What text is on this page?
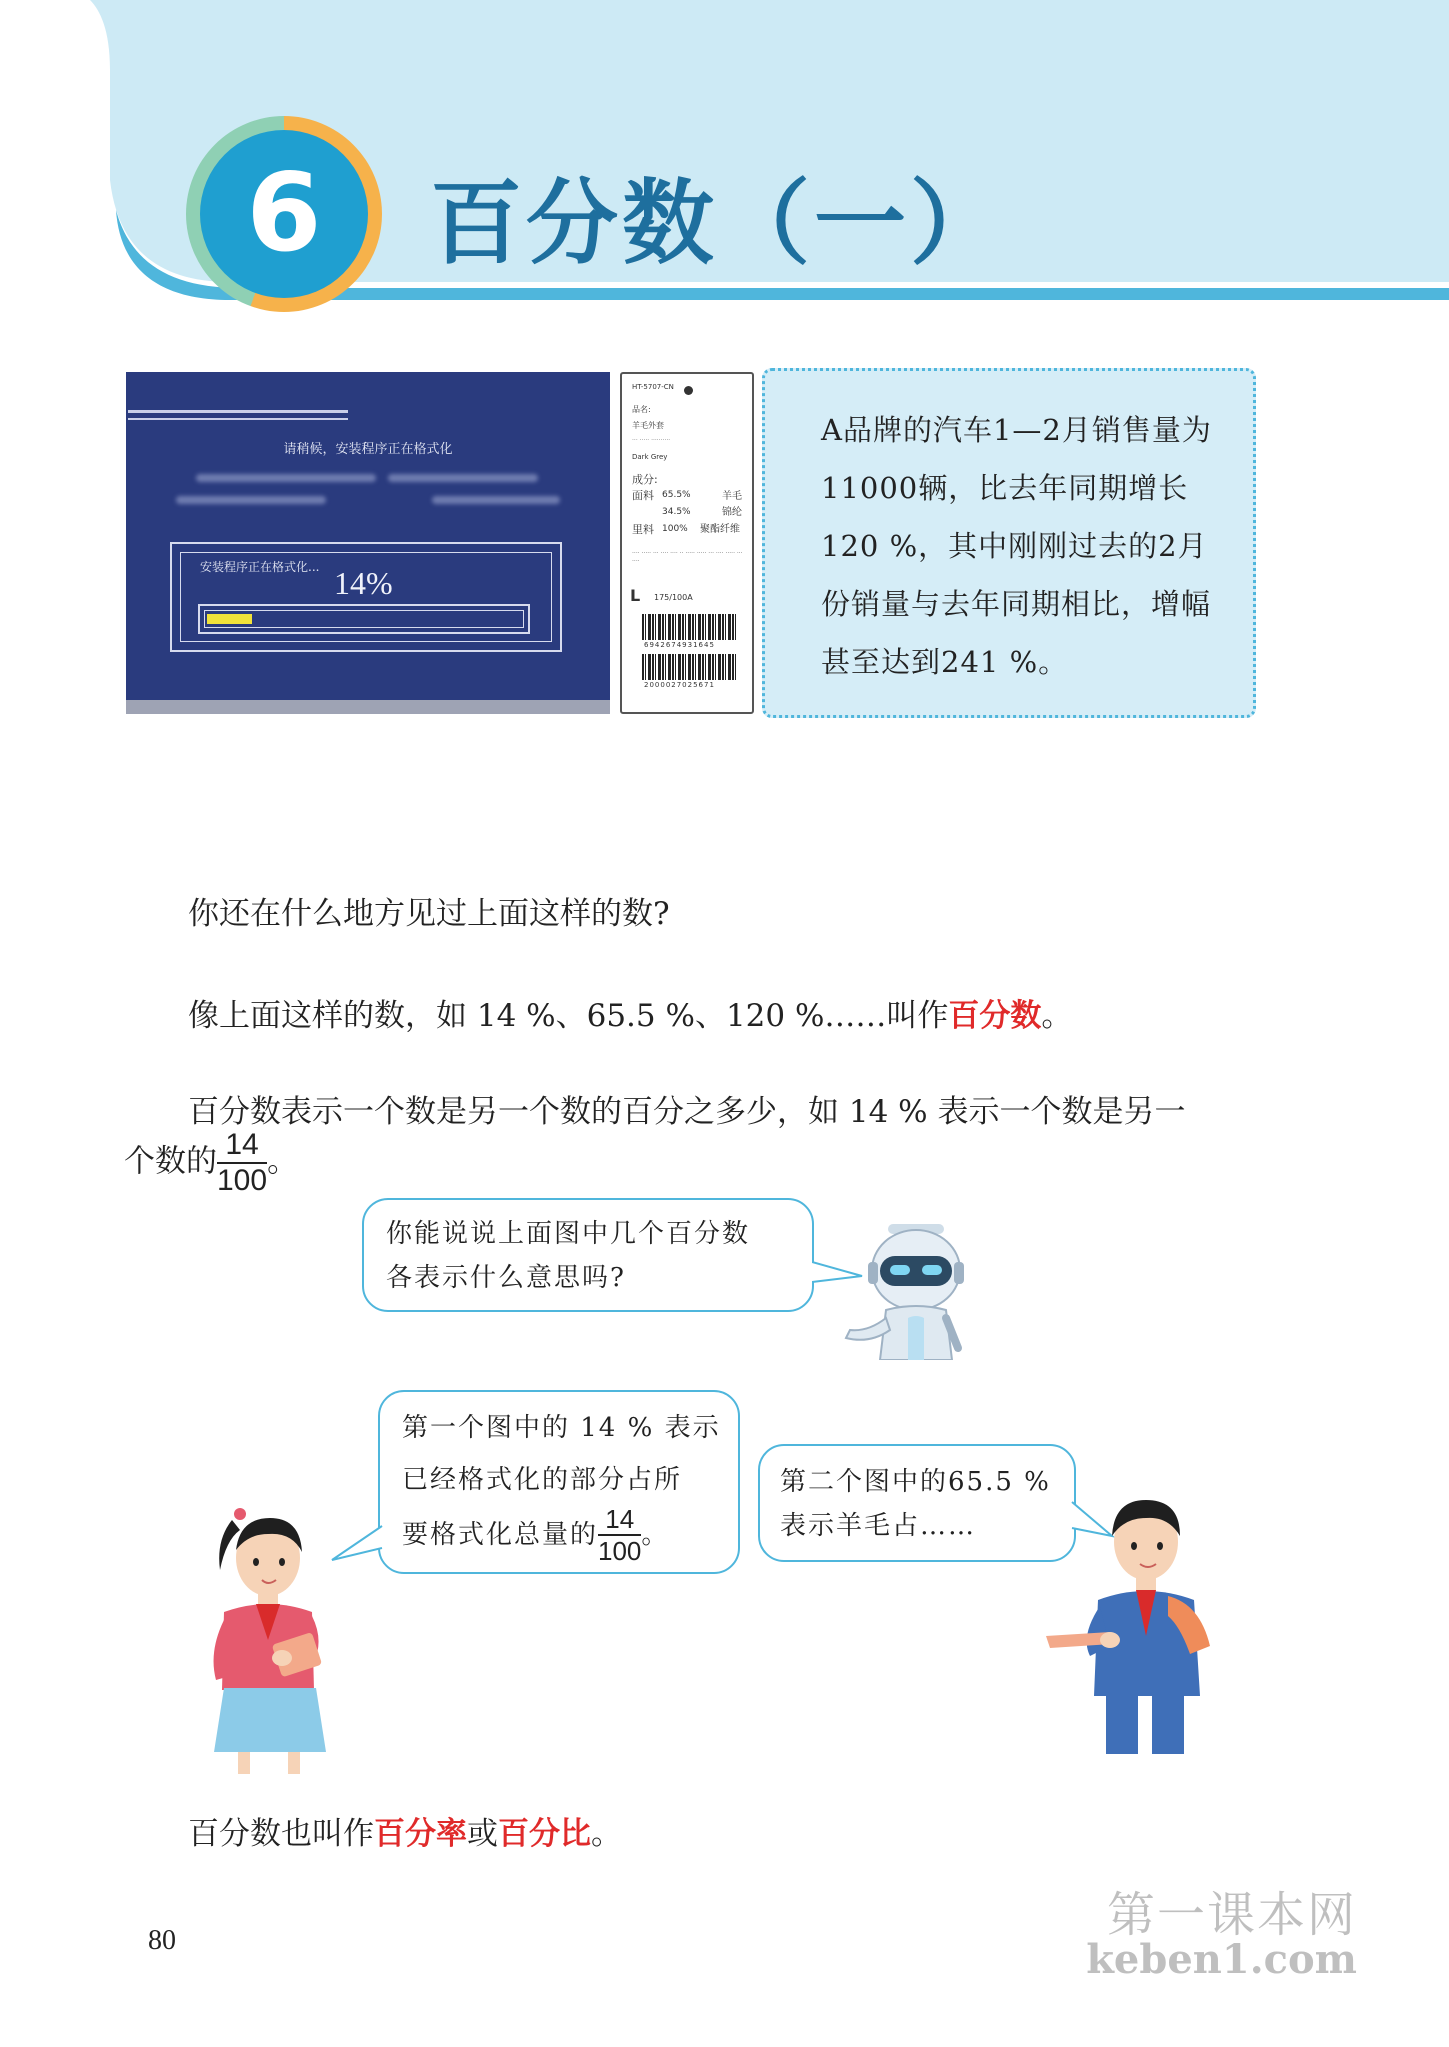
6 百分数（一）
请稍候，安装程序正在格式化
安装程序正在格式化... 14%
HT-5707-CN
品名:
羊毛外套
··· ····· ··········
Dark Grey
成分:
面料 65.5%	羊毛
34.5%	锦纶
里料 100% 聚酯纤维
···· ····· ··· ···· ···· ·· ····· ····· ··· ···· ····· ··· ····
L 175/100A
6942674931645
2000027025671
A品牌的汽车1—2月销售量为11000辆，比去年同期增长120 %，其中刚刚过去的2月份销量与去年同期相比，增幅甚至达到241 %。
你还在什么地方见过上面这样的数?
像上面这样的数，如 14 %、65.5 %、120 %……叫作百分数。
百分数表示一个数是另一个数的百分之多少，如 14 % 表示一个数是另一
个数的 $\frac{14}{100}$ 。
你能说说上面图中几个百分数
各表示什么意思吗?
第一个图中的 14 % 表示
已经格式化的部分占所
要格式化总量的 $\frac{14}{100}$ 。
第二个图中的65.5 %
表示羊毛占……
百分数也叫作百分率或百分比。
80	第一课本网
keben1.com
